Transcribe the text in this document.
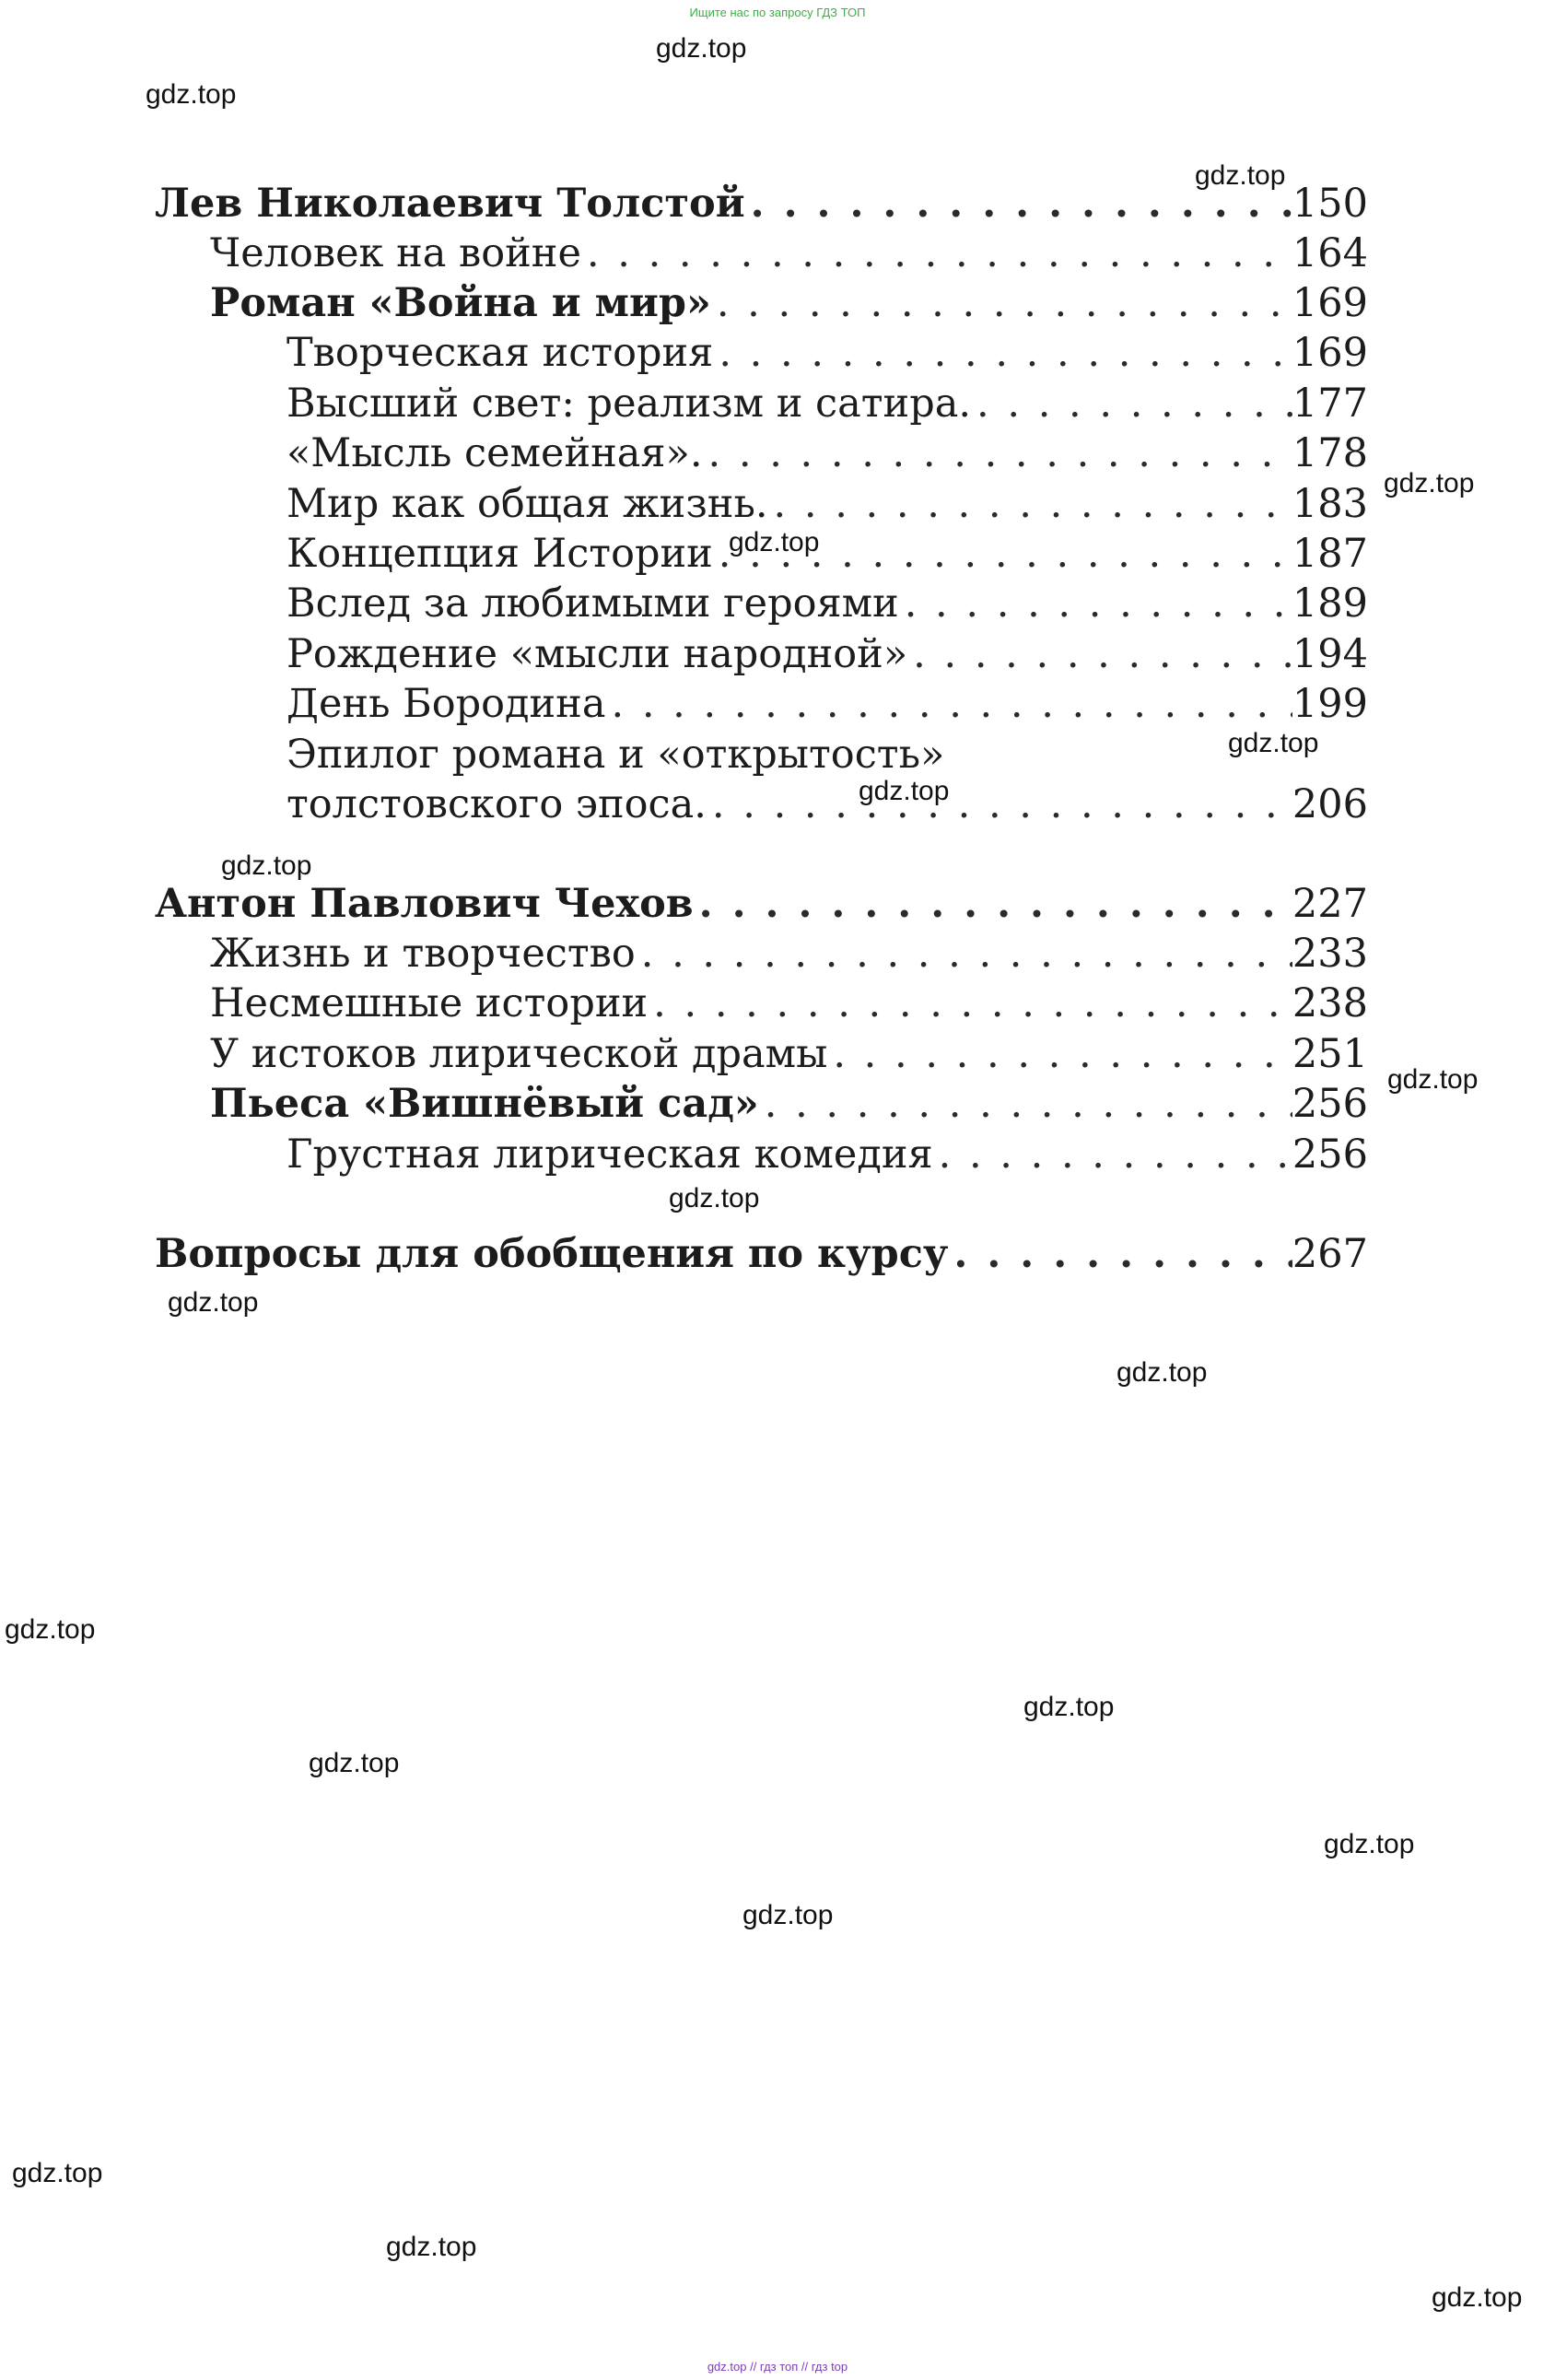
Ищите нас по запросу ГДЗ ТОП
gdz.top
gdz.top
gdz.top
gdz.top
gdz.top
gdz.top
gdz.top
gdz.top
gdz.top
gdz.top
gdz.top
gdz.top
gdz.top
gdz.top
gdz.top
gdz.top
gdz.top
gdz.top
gdz.top
gdz.top
Лев Николаевич Толстой . . .	150
Человек на войне . . .	164
Роман «Война и мир» . . .	169
Творческая история . . .	169
Высший свет: реализм и сатира. . . .	177
«Мысль семейная». . . .	178
Мир как общая жизнь. . . .	183
Концепция Истории . . .	187
Вслед за любимыми героями . . .	189
Рождение «мысли народной» . . .	194
День Бородина . . .	199
Эпилог романа и «открытость»
толстовского эпоса. . . .	206
Антон Павлович Чехов . . .	227
Жизнь и творчество . . .	233
Несмешные истории . . .	238
У истоков лирической драмы . . .	251
Пьеса «Вишнёвый сад» . . .	256
Грустная лирическая комедия . . .	256
Вопросы для обобщения по курсу . . .	267
gdz.top // гдз топ // гдз top
